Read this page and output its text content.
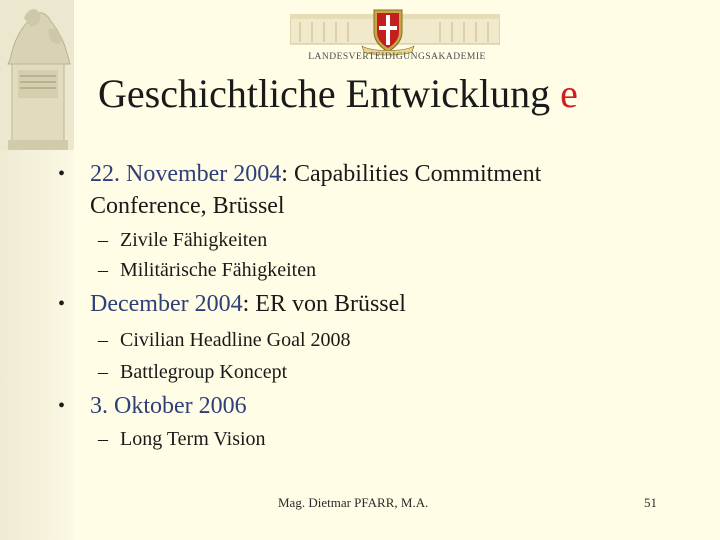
LANDESVERTEIDIGUNGSAKADEMIE
Geschichtliche Entwicklung e
•	22. November 2004: Capabilities Commitment
Conference, Brüssel
– Zivile Fähigkeiten
– Militärische Fähigkeiten
•	December 2004: ER von Brüssel
– Civilian Headline Goal 2008
– Battlegroup Koncept
•	3. Oktober 2006
– Long Term Vision
Mag. Dietmar PFARR, M.A.	51
